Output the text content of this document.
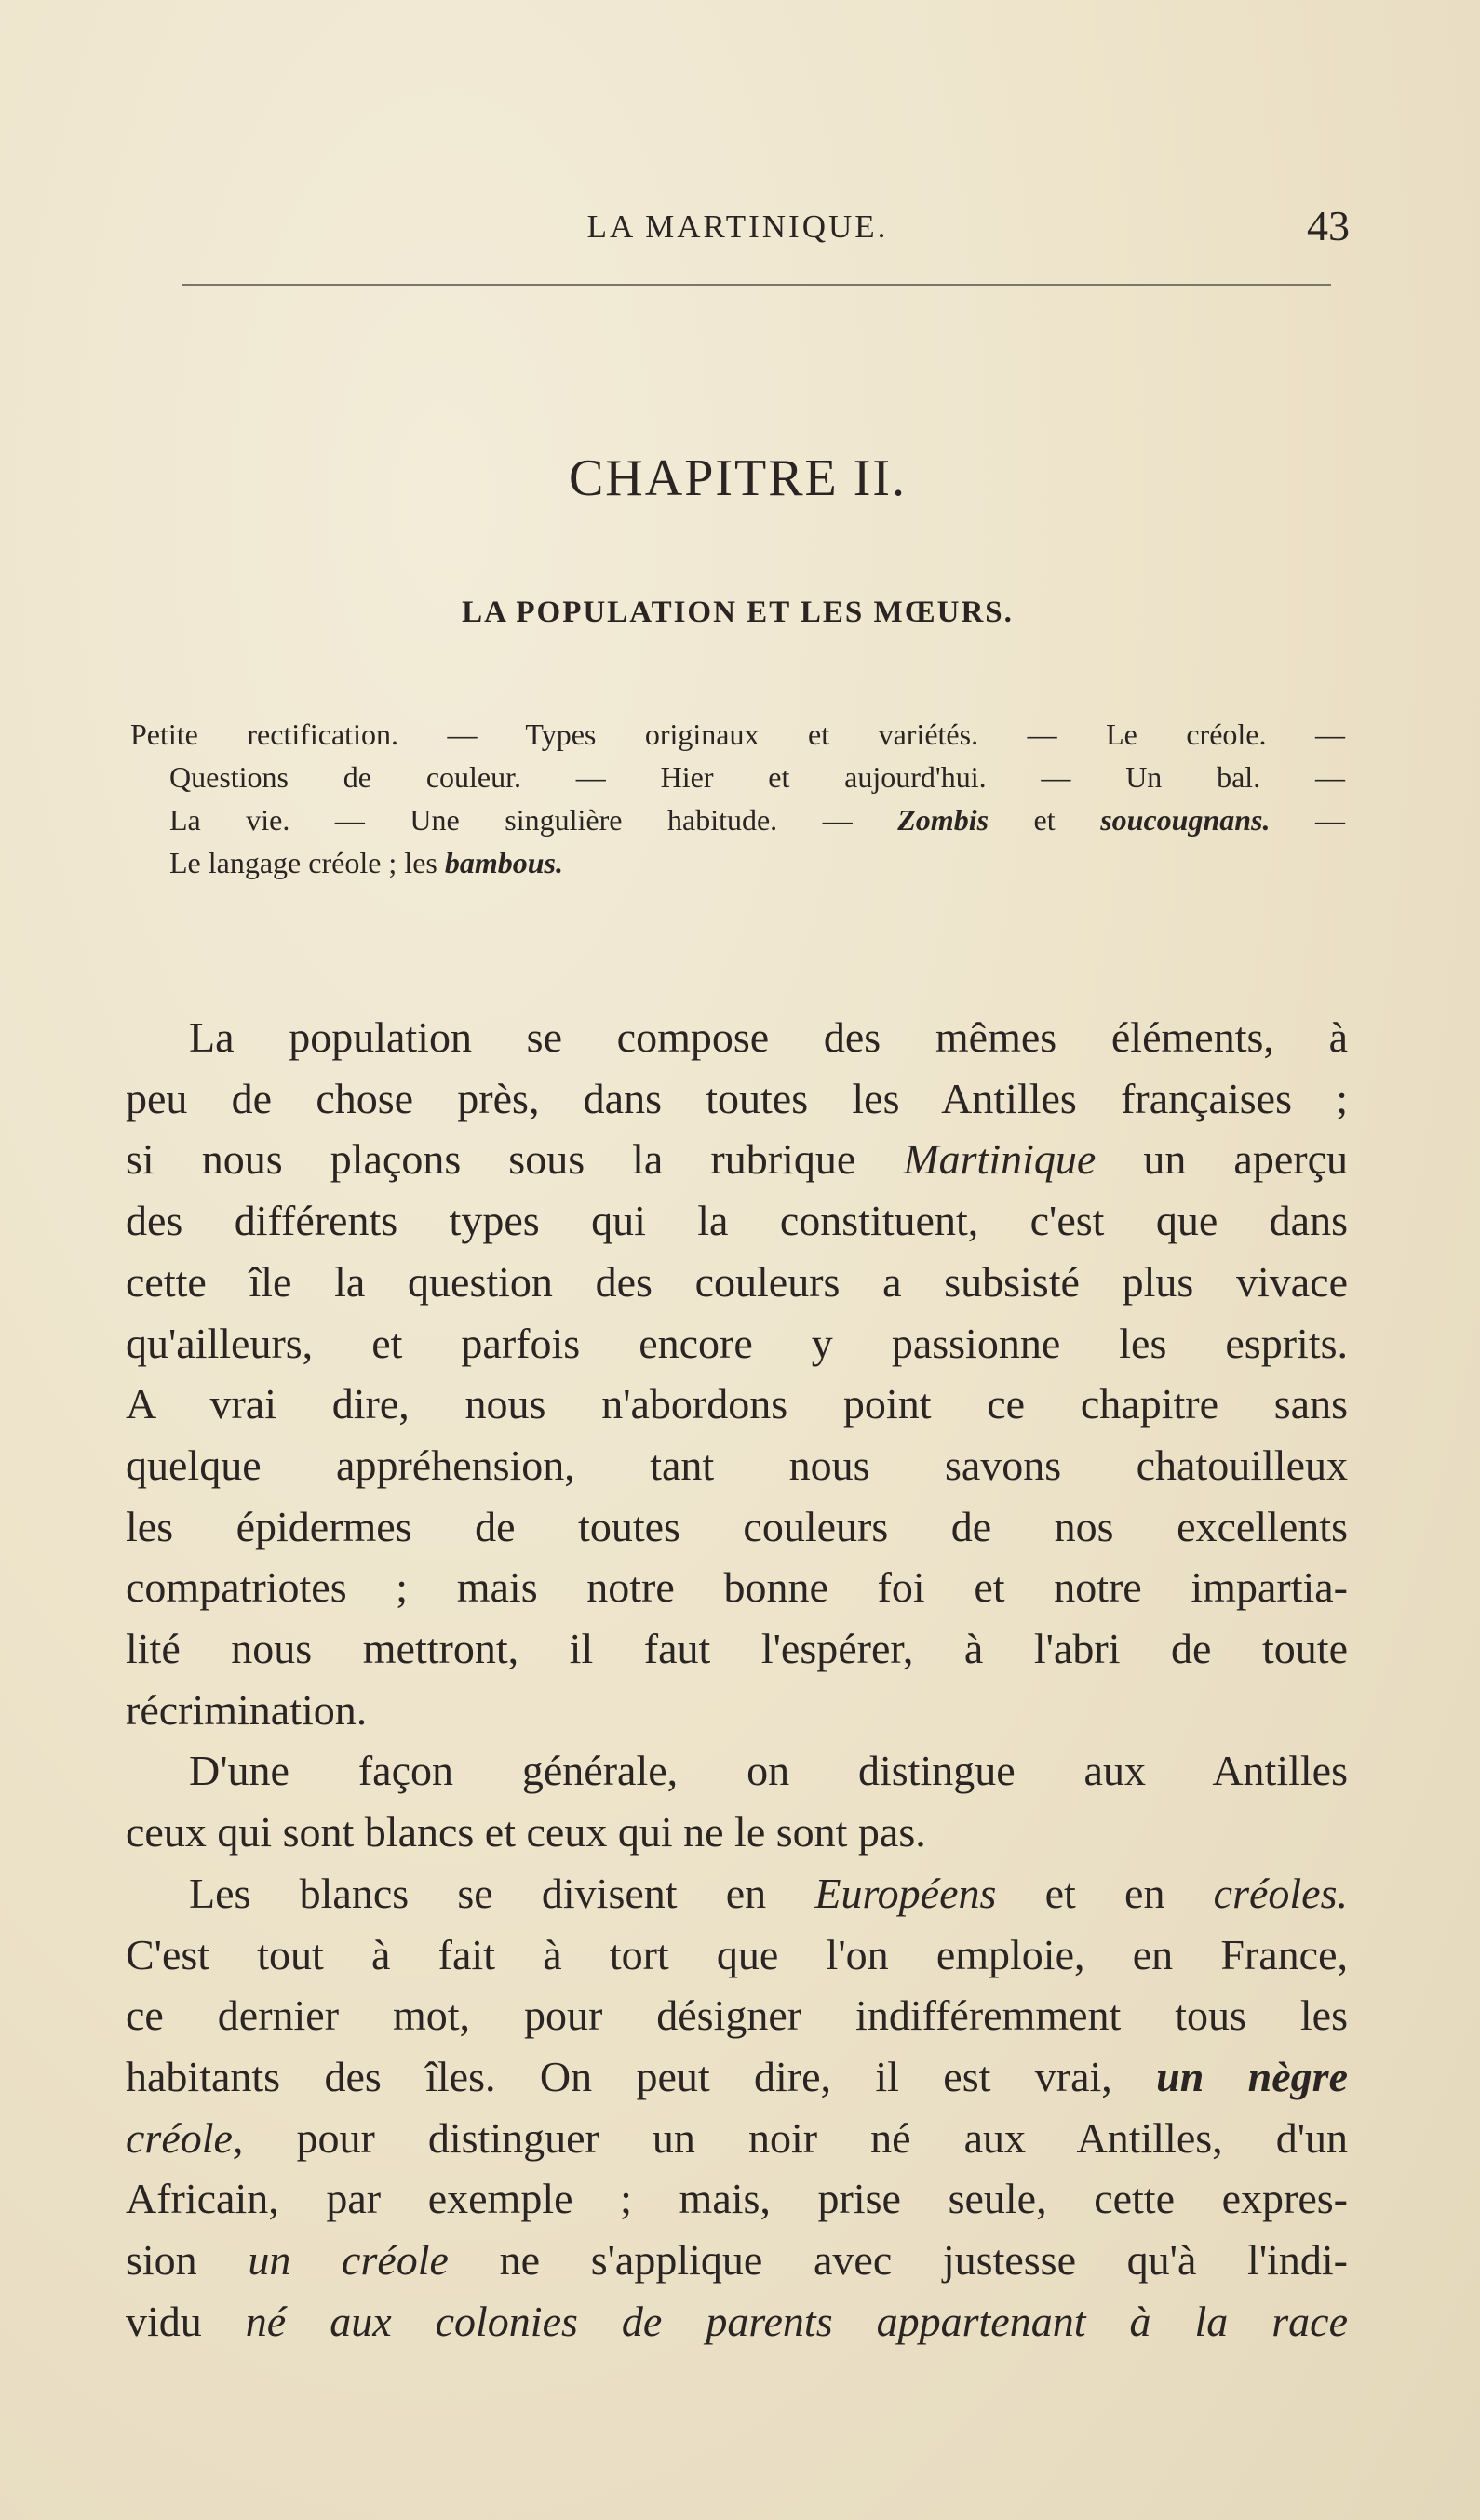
LA MARTINIQUE.	43
CHAPITRE II.
LA POPULATION ET LES MŒURS.
Petite rectification. — Types originaux et variétés. — Le créole. —
Questions de couleur. — Hier et aujourd'hui. — Un bal. —
La vie. — Une singulière habitude. — Zombis et soucougnans. —
Le langage créole ; les bambous.
La population se compose des mêmes éléments, à
peu de chose près, dans toutes les Antilles françaises ;
si nous plaçons sous la rubrique Martinique un aperçu
des différents types qui la constituent, c'est que dans
cette île la question des couleurs a subsisté plus vivace
qu'ailleurs, et parfois encore y passionne les esprits.
A vrai dire, nous n'abordons point ce chapitre sans
quelque appréhension, tant nous savons chatouilleux
les épidermes de toutes couleurs de nos excellents
compatriotes ; mais notre bonne foi et notre impartia-
lité nous mettront, il faut l'espérer, à l'abri de toute
récrimination.
D'une façon générale, on distingue aux Antilles
ceux qui sont blancs et ceux qui ne le sont pas.
Les blancs se divisent en Européens et en créoles.
C'est tout à fait à tort que l'on emploie, en France,
ce dernier mot, pour désigner indifféremment tous les
habitants des îles. On peut dire, il est vrai, un nègre
créole, pour distinguer un noir né aux Antilles, d'un
Africain, par exemple ; mais, prise seule, cette expres-
sion un créole ne s'applique avec justesse qu'à l'indi-
vidu né aux colonies de parents appartenant à la race
